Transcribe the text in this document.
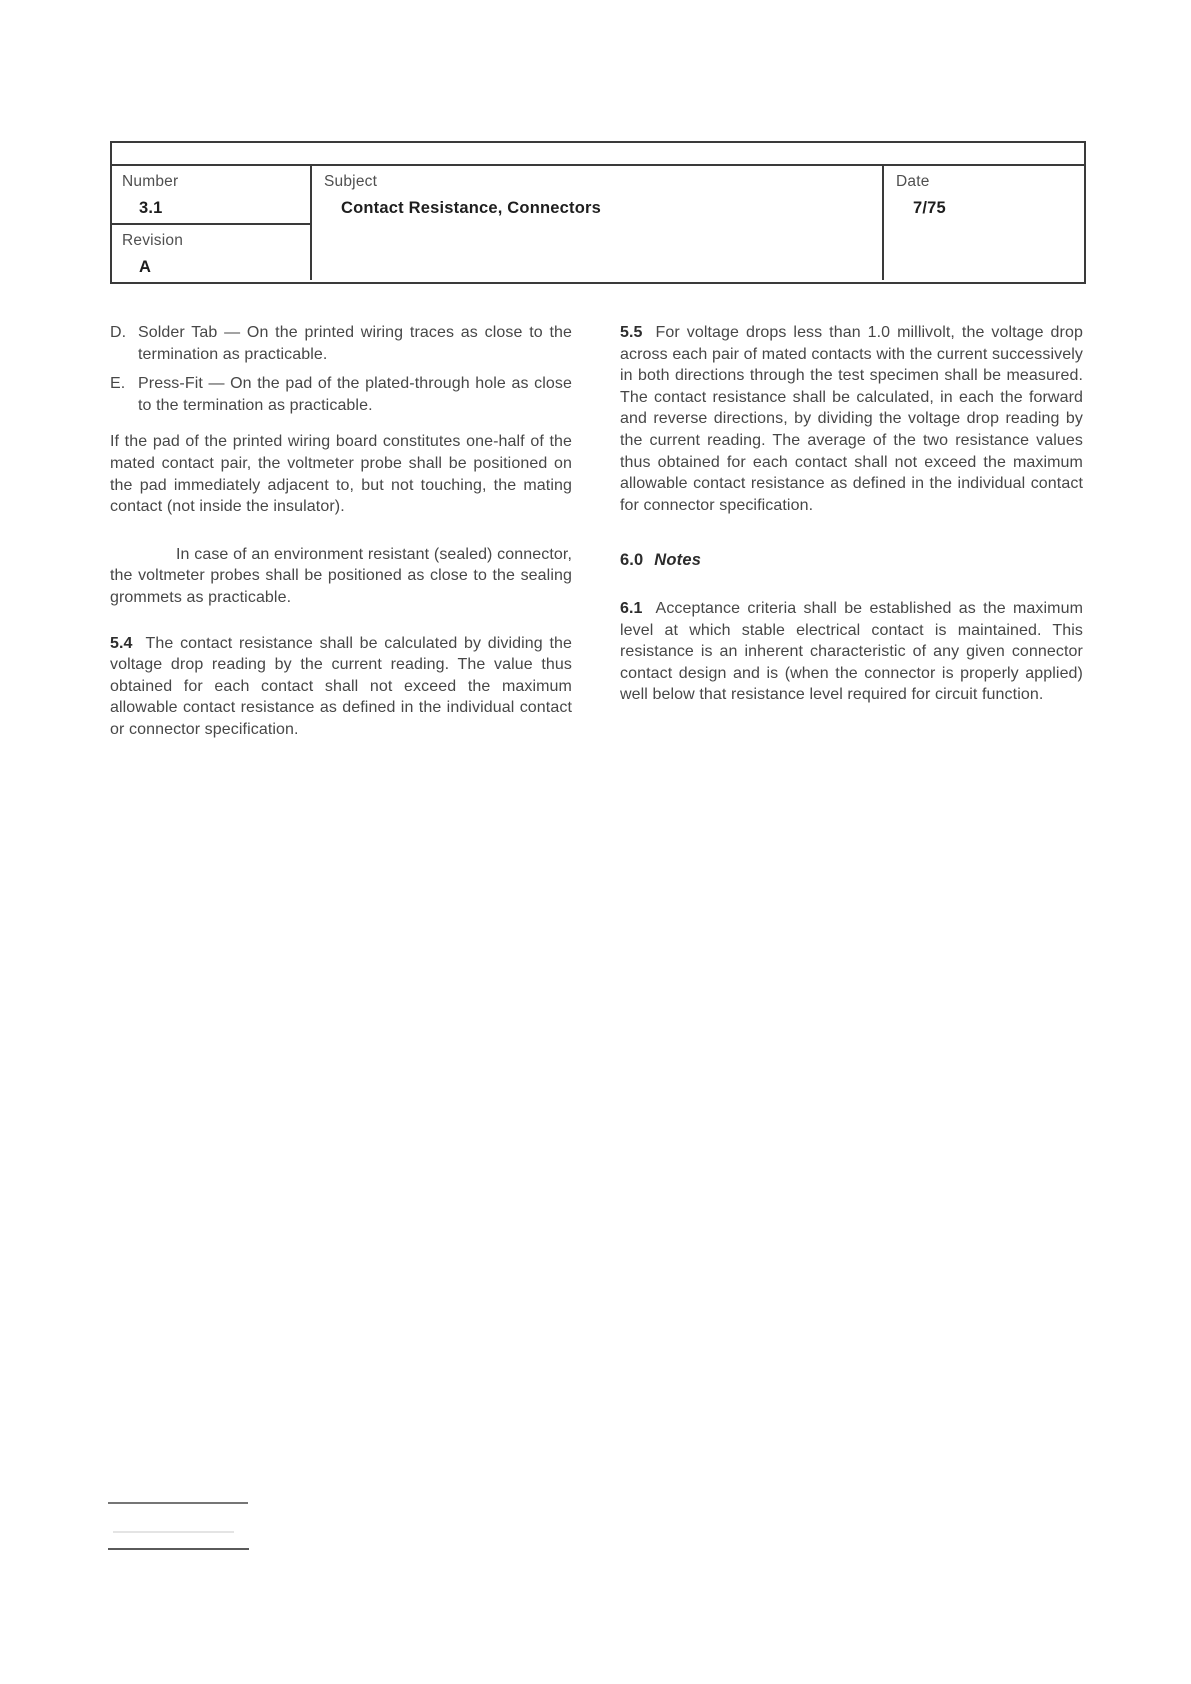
Number
3.1
Revision
A
Subject
Contact Resistance, Connectors
Date
7/75
D. Solder Tab — On the printed wiring traces as close to the termination as practicable.
E. Press-Fit — On the pad of the plated-through hole as close to the termination as practicable.

If the pad of the printed wiring board constitutes one-half of the mated contact pair, the voltmeter probe shall be positioned on the pad immediately adjacent to, but not touching, the mating contact (not inside the insulator).

In case of an environment resistant (sealed) connector, the voltmeter probes shall be positioned as close to the sealing grommets as practicable.

5.4 The contact resistance shall be calculated by dividing the voltage drop reading by the current reading. The value thus obtained for each contact shall not exceed the maximum allowable contact resistance as defined in the individual contact or connector specification.

5.5 For voltage drops less than 1.0 millivolt, the voltage drop across each pair of mated contacts with the current successively in both directions through the test specimen shall be measured. The contact resistance shall be calculated, in each the forward and reverse directions, by dividing the voltage drop reading by the current reading. The average of the two resistance values thus obtained for each contact shall not exceed the maximum allowable contact resistance as defined in the individual contact for connector specification.

6.0 Notes

6.1 Acceptance criteria shall be established as the maximum level at which stable electrical contact is maintained. This resistance is an inherent characteristic of any given connector contact design and is (when the connector is properly applied) well below that resistance level required for circuit function.
